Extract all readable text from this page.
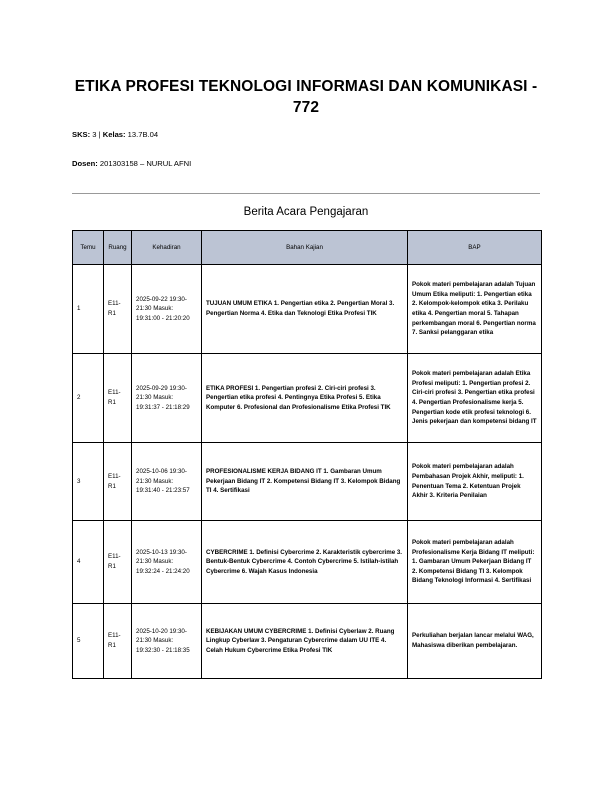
ETIKA PROFESI TEKNOLOGI INFORMASI DAN KOMUNIKASI - 772
SKS: 3 | Kelas: 13.7B.04
Dosen: 201303158 – NURUL AFNI
Berita Acara Pengajaran
Temu	Ruang	Kehadiran	Bahan Kajian	BAP
1	E11-R1	2025-09-22 19:30-21:30 Masuk: 19:31:00 - 21:20:20	TUJUAN UMUM ETIKA 1. Pengertian etika 2. Pengertian Moral 3. Pengertian Norma 4. Etika dan Teknologi Etika Profesi TIK	Pokok materi pembelajaran adalah Tujuan Umum Etika meliputi: 1. Pengertian etika 2. Kelompok-kelompok etika 3. Perilaku etika 4. Pengertian moral 5. Tahapan perkembangan moral 6. Pengertian norma 7. Sanksi pelanggaran etika
2	E11-R1	2025-09-29 19:30-21:30 Masuk: 19:31:37 - 21:18:29	ETIKA PROFESI 1. Pengertian profesi 2. Ciri-ciri profesi 3. Pengertian etika profesi 4. Pentingnya Etika Profesi 5. Etika Komputer 6. Profesional dan Profesionalisme Etika Profesi TIK	Pokok materi pembelajaran adalah Etika Profesi meliputi: 1. Pengertian profesi 2. Ciri-ciri profesi 3. Pengertian etika profesi 4. Pengertian Profesionalisme kerja 5. Pengertian kode etik profesi teknologi 6. Jenis pekerjaan dan kompetensi bidang IT
3	E11-R1	2025-10-06 19:30-21:30 Masuk: 19:31:40 - 21:23:57	PROFESIONALISME KERJA BIDANG IT 1. Gambaran Umum Pekerjaan Bidang IT 2. Kompetensi Bidang IT 3. Kelompok Bidang TI 4. Sertifikasi	Pokok materi pembelajaran adalah Pembahasan Projek Akhir, meliputi: 1. Penentuan Tema 2. Ketentuan Projek Akhir 3. Kriteria Penilaian
4	E11-R1	2025-10-13 19:30-21:30 Masuk: 19:32:24 - 21:24:20	CYBERCRIME 1. Definisi Cybercrime 2. Karakteristik cybercrime 3. Bentuk-Bentuk Cybercrime 4. Contoh Cybercrime 5. Istilah-istilah Cybercrime 6. Wajah Kasus Indonesia	Pokok materi pembelajaran adalah Profesionalisme Kerja Bidang IT meliputi: 1. Gambaran Umum Pekerjaan Bidang IT 2. Kompetensi Bidang TI 3. Kelompok Bidang Teknologi Informasi 4. Sertifikasi
5	E11-R1	2025-10-20 19:30-21:30 Masuk: 19:32:30 - 21:18:35	KEBIJAKAN UMUM CYBERCRIME 1. Definisi Cyberlaw 2. Ruang Lingkup Cyberlaw 3. Pengaturan Cybercrime dalam UU ITE 4. Celah Hukum Cybercrime Etika Profesi TIK	Perkuliahan berjalan lancar melalui WAG, Mahasiswa diberikan pembelajaran.
